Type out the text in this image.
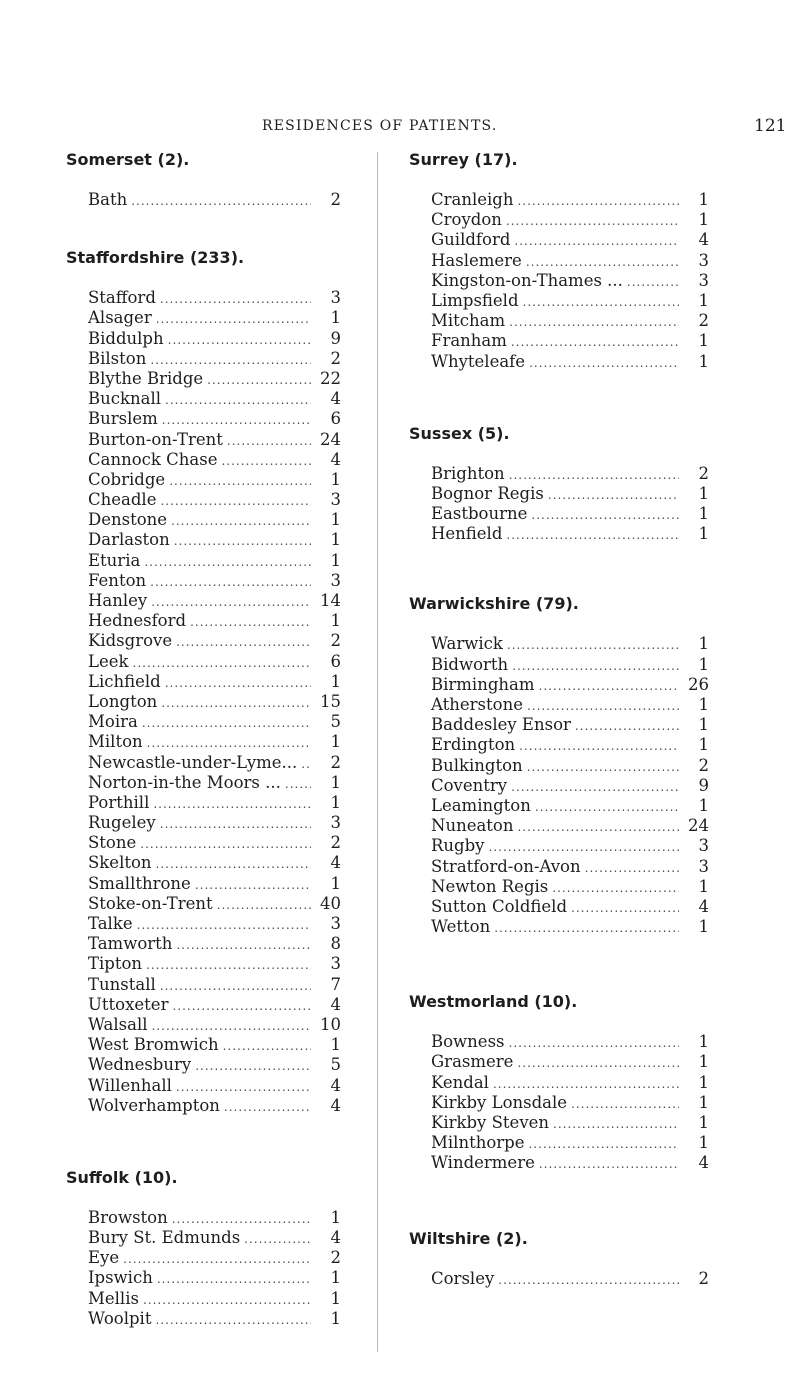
RESIDENCES OF PATIENTS.	121
Somerset (2).
Bath .....	2
Staffordshire (233).
Stafford .....	3
Alsager .....	1
Biddulph .....	9
Bilston .....	2
Blythe Bridge .....	22
Bucknall .....	4
Burslem .....	6
Burton-on-Trent .....	24
Cannock Chase .....	4
Cobridge .....	1
Cheadle .....	3
Denstone .....	1
Darlaston .....	1
Eturia .....	1
Fenton .....	3
Hanley .....	14
Hednesford .....	1
Kidsgrove .....	2
Leek .....	6
Lichfield .....	1
Longton .....	15
Moira .....	5
Milton .....	1
Newcastle-under-Lyme... .....	2
Norton-in-the Moors ... .....	1
Porthill .....	1
Rugeley .....	3
Stone .....	2
Skelton .....	4
Smallthrone .....	1
Stoke-on-Trent .....	40
Talke .....	3
Tamworth .....	8
Tipton .....	3
Tunstall .....	7
Uttoxeter .....	4
Walsall .....	10
West Bromwich .....	1
Wednesbury .....	5
Willenhall .....	4
Wolverhampton .....	4
Suffolk (10).
Browston .....	1
Bury St. Edmunds .....	4
Eye .....	2
Ipswich .....	1
Mellis .....	1
Woolpit .....	1
Surrey (17).
Cranleigh .....	1
Croydon .....	1
Guildford .....	4
Haslemere .....	3
Kingston-on-Thames ... .....	3
Limpsfield .....	1
Mitcham .....	2
Franham .....	1
Whyteleafe .....	1
Sussex (5).
Brighton .....	2
Bognor Regis .....	1
Eastbourne .....	1
Henfield .....	1
Warwickshire (79).
Warwick .....	1
Bidworth .....	1
Birmingham .....	26
Atherstone .....	1
Baddesley Ensor .....	1
Erdington .....	1
Bulkington .....	2
Coventry .....	9
Leamington .....	1
Nuneaton .....	24
Rugby .....	3
Stratford-on-Avon .....	3
Newton Regis .....	1
Sutton Coldfield .....	4
Wetton .....	1
Westmorland (10).
Bowness .....	1
Grasmere .....	1
Kendal .....	1
Kirkby Lonsdale .....	1
Kirkby Steven .....	1
Milnthorpe .....	1
Windermere .....	4
Wiltshire (2).
Corsley .....	2
